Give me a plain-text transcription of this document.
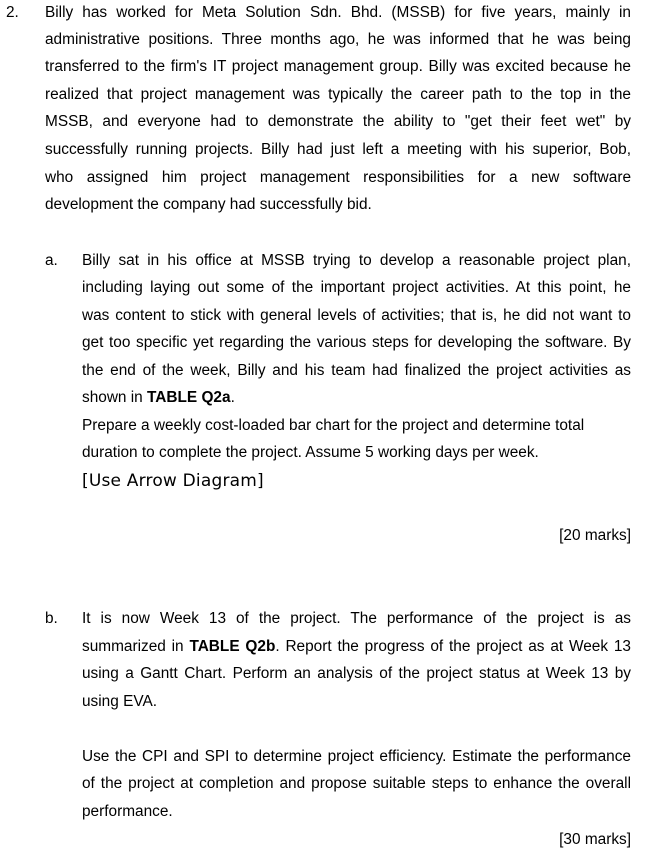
2. Billy has worked for Meta Solution Sdn. Bhd. (MSSB) for five years, mainly in
administrative positions. Three months ago, he was informed that he was being
transferred to the firm's IT project management group. Billy was excited because he
realized that project management was typically the career path to the top in the
MSSB, and everyone had to demonstrate the ability to "get their feet wet" by
successfully running projects. Billy had just left a meeting with his superior, Bob,
who assigned him project management responsibilities for a new software
development the company had successfully bid.
a. Billy sat in his office at MSSB trying to develop a reasonable project plan,
including laying out some of the important project activities. At this point, he
was content to stick with general levels of activities; that is, he did not want to
get too specific yet regarding the various steps for developing the software. By
the end of the week, Billy and his team had finalized the project activities as
shown in TABLE Q2a.
Prepare a weekly cost-loaded bar chart for the project and determine total
duration to complete the project. Assume 5 working days per week.
[Use Arrow Diagram]
[20 marks]
b. It is now Week 13 of the project. The performance of the project is as
summarized in TABLE Q2b. Report the progress of the project as at Week 13
using a Gantt Chart. Perform an analysis of the project status at Week 13 by
using EVA.
Use the CPI and SPI to determine project efficiency. Estimate the performance
of the project at completion and propose suitable steps to enhance the overall
performance.
[30 marks]
